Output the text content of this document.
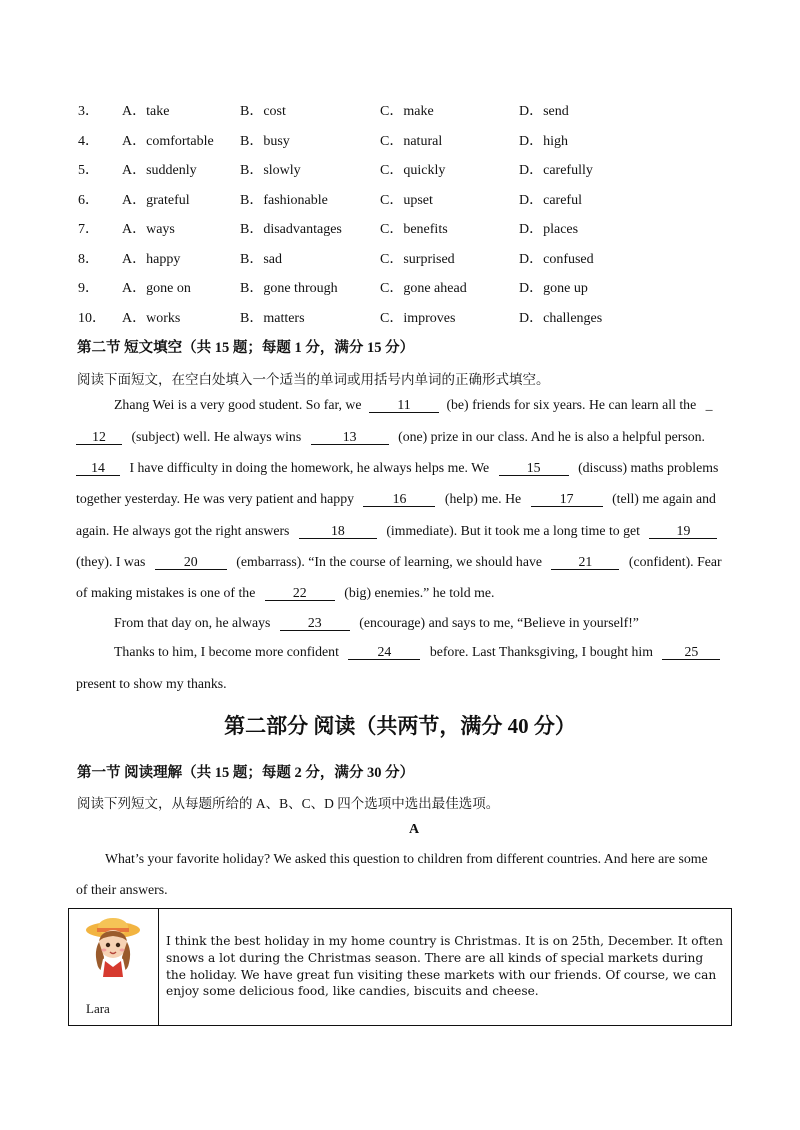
3． A．take	B．cost	C．make	D．send
4． A．comfortable B．busy	C．natural	D．high
5． A．suddenly	B．slowly	C．quickly	D．carefully
6． A．grateful	B．fashionable	C．upset	D．careful
7． A．ways	B．disadvantages	C．benefits	D．places
8． A．happy	B．sad	C．surprised	D．confused
9． A．gone on	B．gone through	C．gone ahead	D．gone up
10． A．works	B．matters	C．improves	D．challenges
第二节 短文填空（共 15 题；每题 1 分，满分 15 分）
阅读下面短文，在空白处填入一个适当的单词或用括号内单词的正确形式填空。
Zhang Wei is a very good student. So far, we	11	(be) friends for six years. He can learn all the _
12 (subject) well. He always wins	13	(one) prize in our class. And he is also a helpful person.
14 I have difficulty in doing the homework, he always helps me. We	15	(discuss) maths problems
together yesterday. He was very patient and happy	16	(help) me. He	17	(tell) me again and
again. He always got the right answers	18	(immediate). But it took me a long time to get	19
(they). I was	20	(embarrass). “In the course of learning, we should have	21	(confident). Fear
of making mistakes is one of the	22	(big) enemies.” he told me.
From that day on, he always	23	(encourage) and says to me, “Believe in yourself!”
Thanks to him, I become more confident	24	before. Last Thanksgiving, I bought him 25
present to show my thanks.
第二部分 阅读（共两节，满分 40 分）
第一节 阅读理解（共 15 题；每题 2 分，满分 30 分）
阅读下列短文，从每题所给的 A、B、C、D 四个选项中选出最佳选项。
A
What’s your favorite holiday? We asked this question to children from different countries. And here are some
of their answers.
Lara
I think the best holiday in my home country is Christmas. It is on 25th, December. It often snows a lot during the Christmas season. There are all kinds of special markets during the holiday. We have great fun visiting these markets with our friends. Of course, we can enjoy some delicious food, like candies, biscuits and cheese.
